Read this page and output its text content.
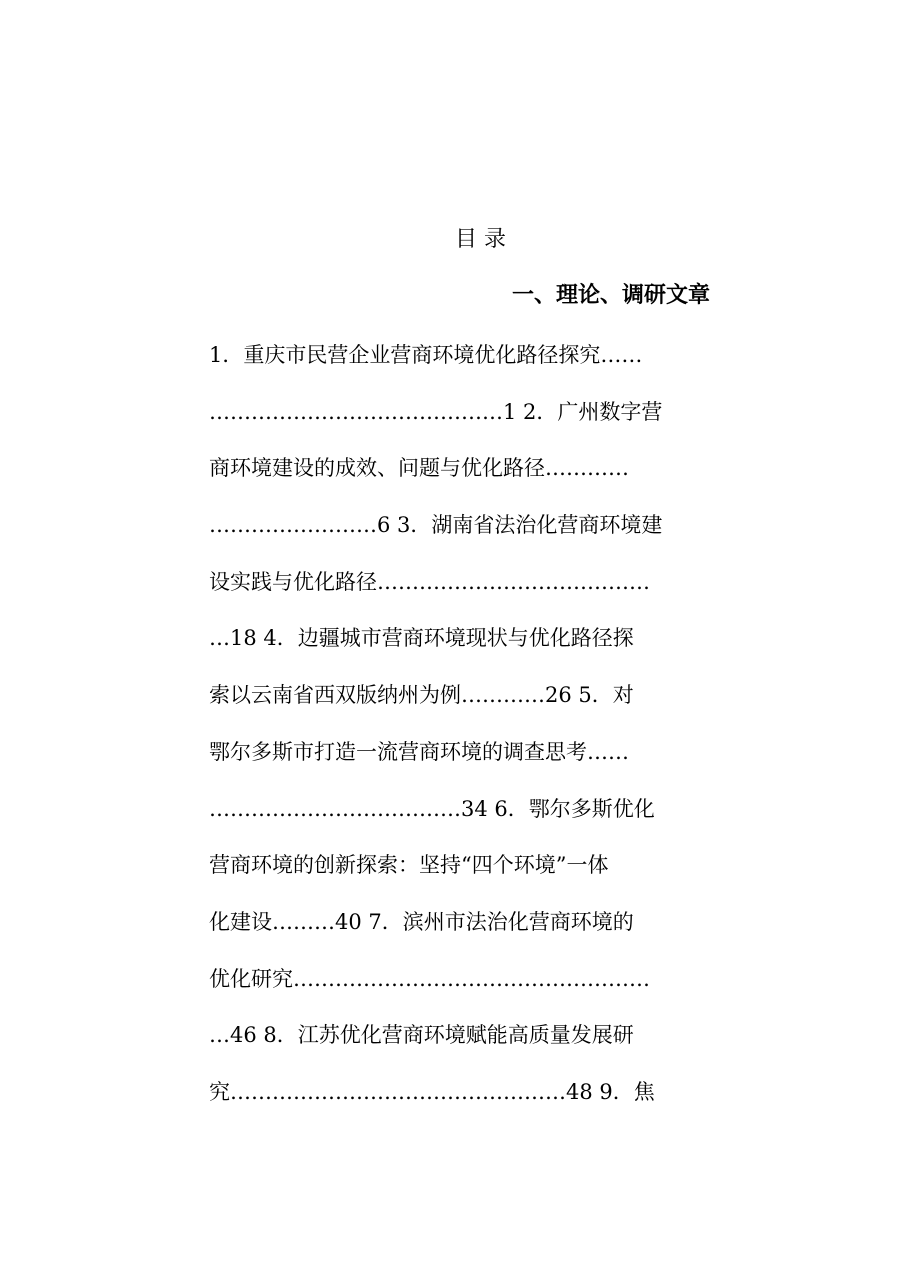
目 录
一、理论、调研文章
1．重庆市民营企业营商环境优化路径探究……
……………………………………1 2．广州数字营
商环境建设的成效、问题与优化路径…………
……………………6 3．湖南省法治化营商环境建
设实践与优化路径…………………………………
…18 4．边疆城市营商环境现状与优化路径探
索以云南省西双版纳州为例…………26 5．对
鄂尔多斯市打造一流营商环境的调查思考……
………………………………34 6．鄂尔多斯优化
营商环境的创新探索：坚持“四个环境”一体
化建设………40 7．滨州市法治化营商环境的
优化研究……………………………………………
…46 8．江苏优化营商环境赋能高质量发展研
究…………………………………………48 9．焦
